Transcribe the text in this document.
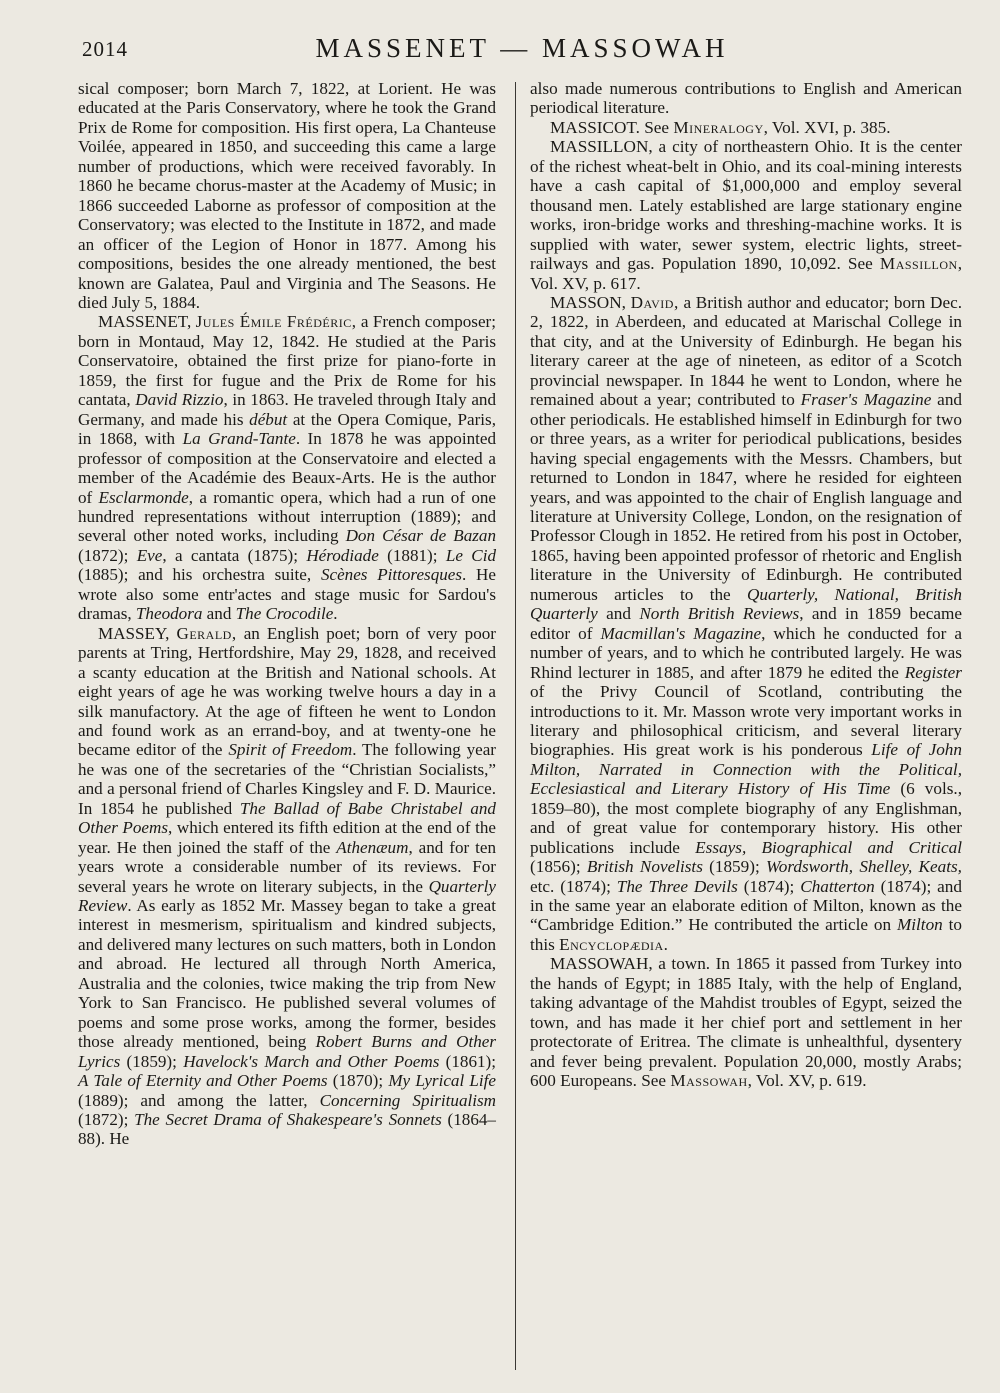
2014	MASSENET — MASSOWAH

sical composer; born March 7, 1822, at Lorient. He was educated at the Paris Conservatory, where he took the Grand Prix de Rome for composition. His first opera, La Chanteuse Voilée, appeared in 1850, and succeeding this came a large number of productions, which were received favorably. In 1860 he became chorus-master at the Academy of Music; in 1866 succeeded Laborne as professor of composition at the Conservatory; was elected to the Institute in 1872, and made an officer of the Legion of Honor in 1877. Among his compositions, besides the one already mentioned, the best known are Galatea, Paul and Virginia and The Seasons. He died July 5, 1884.

MASSENET, Jules Émile Frédéric, a French composer; born in Montaud, May 12, 1842. He studied at the Paris Conservatoire, obtained the first prize for piano-forte in 1859, the first for fugue and the Prix de Rome for his cantata, David Rizzio, in 1863. He traveled through Italy and Germany, and made his début at the Opera Comique, Paris, in 1868, with La Grand-Tante. In 1878 he was appointed professor of composition at the Conservatoire and elected a member of the Académie des Beaux-Arts. He is the author of Esclarmonde, a romantic opera, which had a run of one hundred representations without interruption (1889); and several other noted works, including Don César de Bazan (1872); Eve, a cantata (1875); Hérodiade (1881); Le Cid (1885); and his orchestra suite, Scènes Pittoresques. He wrote also some entr'actes and stage music for Sardou's dramas, Theodora and The Crocodile.

MASSEY, Gerald, an English poet; born of very poor parents at Tring, Hertfordshire, May 29, 1828, and received a scanty education at the British and National schools. At eight years of age he was working twelve hours a day in a silk manufactory. At the age of fifteen he went to London and found work as an errand-boy, and at twenty-one he became editor of the Spirit of Freedom. The following year he was one of the secretaries of the “Christian Socialists,” and a personal friend of Charles Kingsley and F. D. Maurice. In 1854 he published The Ballad of Babe Christabel and Other Poems, which entered its fifth edition at the end of the year. He then joined the staff of the Athenæum, and for ten years wrote a considerable number of its reviews. For several years he wrote on literary subjects, in the Quarterly Review. As early as 1852 Mr. Massey began to take a great interest in mesmerism, spiritualism and kindred subjects, and delivered many lectures on such matters, both in London and abroad. He lectured all through North America, Australia and the colonies, twice making the trip from New York to San Francisco. He published several volumes of poems and some prose works, among the former, besides those already mentioned, being Robert Burns and Other Lyrics (1859); Havelock's March and Other Poems (1861); A Tale of Eternity and Other Poems (1870); My Lyrical Life (1889); and among the latter, Concerning Spiritualism (1872); The Secret Drama of Shakespeare's Sonnets (1864–88). He

also made numerous contributions to English and American periodical literature.

MASSICOT. See Mineralogy, Vol. XVI, p. 385.

MASSILLON, a city of northeastern Ohio. It is the center of the richest wheat-belt in Ohio, and its coal-mining interests have a cash capital of $1,000,000 and employ several thousand men. Lately established are large stationary engine works, iron-bridge works and threshing-machine works. It is supplied with water, sewer system, electric lights, street-railways and gas. Population 1890, 10,092. See Massillon, Vol. XV, p. 617.

MASSON, David, a British author and educator; born Dec. 2, 1822, in Aberdeen, and educated at Marischal College in that city, and at the University of Edinburgh. He began his literary career at the age of nineteen, as editor of a Scotch provincial newspaper. In 1844 he went to London, where he remained about a year; contributed to Fraser's Magazine and other periodicals. He established himself in Edinburgh for two or three years, as a writer for periodical publications, besides having special engagements with the Messrs. Chambers, but returned to London in 1847, where he resided for eighteen years, and was appointed to the chair of English language and literature at University College, London, on the resignation of Professor Clough in 1852. He retired from his post in October, 1865, having been appointed professor of rhetoric and English literature in the University of Edinburgh. He contributed numerous articles to the Quarterly, National, British Quarterly and North British Reviews, and in 1859 became editor of Macmillan's Magazine, which he conducted for a number of years, and to which he contributed largely. He was Rhind lecturer in 1885, and after 1879 he edited the Register of the Privy Council of Scotland, contributing the introductions to it. Mr. Masson wrote very important works in literary and philosophical criticism, and several literary biographies. His great work is his ponderous Life of John Milton, Narrated in Connection with the Political, Ecclesiastical and Literary History of His Time (6 vols., 1859–80), the most complete biography of any Englishman, and of great value for contemporary history. His other publications include Essays, Biographical and Critical (1856); British Novelists (1859); Wordsworth, Shelley, Keats, etc. (1874); The Three Devils (1874); Chatterton (1874); and in the same year an elaborate edition of Milton, known as the “Cambridge Edition.” He contributed the article on Milton to this Encyclopædia.

MASSOWAH, a town. In 1865 it passed from Turkey into the hands of Egypt; in 1885 Italy, with the help of England, taking advantage of the Mahdist troubles of Egypt, seized the town, and has made it her chief port and settlement in her protectorate of Eritrea. The climate is unhealthful, dysentery and fever being prevalent. Population 20,000, mostly Arabs; 600 Europeans. See Massowah, Vol. XV, p. 619.
